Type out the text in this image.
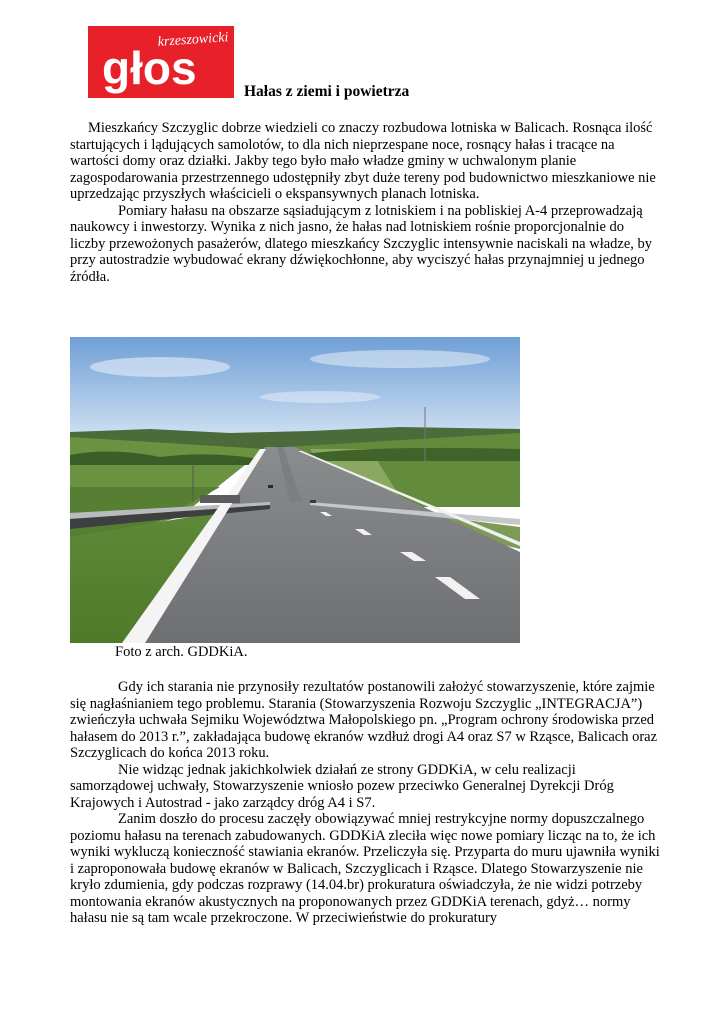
głos
krzeszowicki
Hałas z ziemi i powietrza

Mieszkańcy Szczyglic dobrze wiedzieli co znaczy rozbudowa lotniska w Balicach. Rosnąca ilość startujących i lądujących samolotów, to dla nich nieprzespane noce, rosnący hałas i tracące na wartości domy oraz działki. Jakby tego było mało władze gminy w uchwalonym planie zagospodarowania przestrzennego udostępniły zbyt duże tereny pod budownictwo mieszkaniowe nie uprzedzając przyszłych właścicieli o ekspansywnych planach lotniska.

Pomiary hałasu na obszarze sąsiadującym z lotniskiem i na pobliskiej A-4 przeprowadzają naukowcy i inwestorzy. Wynika z nich jasno, że hałas nad lotniskiem rośnie proporcjonalnie do liczby przewożonych pasażerów, dlatego mieszkańcy Szczyglic intensywnie naciskali na władze, by przy autostradzie wybudować ekrany dźwiękochłonne, aby wyciszyć hałas przynajmniej u jednego źródła.

Foto z arch. GDDKiA.

Gdy ich starania nie przynosiły rezultatów postanowili założyć stowarzyszenie, które zajmie się nagłaśnianiem tego problemu. Starania (Stowarzyszenia Rozwoju Szczyglic „INTEGRACJA”) zwieńczyła uchwała Sejmiku Województwa Małopolskiego pn. „Program ochrony środowiska przed hałasem do 2013 r.”, zakładająca budowę ekranów wzdłuż drogi A4 oraz S7 w Rząsce, Balicach oraz Szczyglicach do końca 2013 roku.

Nie widząc jednak jakichkolwiek działań ze strony GDDKiA, w celu realizacji samorządowej uchwały, Stowarzyszenie wniosło pozew przeciwko Generalnej Dyrekcji Dróg Krajowych i Autostrad - jako zarządcy dróg A4 i S7.

Zanim doszło do procesu zaczęły obowiązywać mniej restrykcyjne normy dopuszczalnego poziomu hałasu na terenach zabudowanych. GDDKiA zleciła więc nowe pomiary licząc na to, że ich wyniki wykluczą konieczność stawiania ekranów. Przeliczyła się. Przyparta do muru ujawniła wyniki i zaproponowała budowę ekranów w Balicach, Szczyglicach i Rząsce. Dlatego Stowarzyszenie nie kryło zdumienia, gdy podczas rozprawy (14.04.br) prokuratura oświadczyła, że nie widzi potrzeby montowania ekranów akustycznych na proponowanych przez GDDKiA terenach, gdyż… normy hałasu nie są tam wcale przekroczone. W przeciwieństwie do prokuratury
